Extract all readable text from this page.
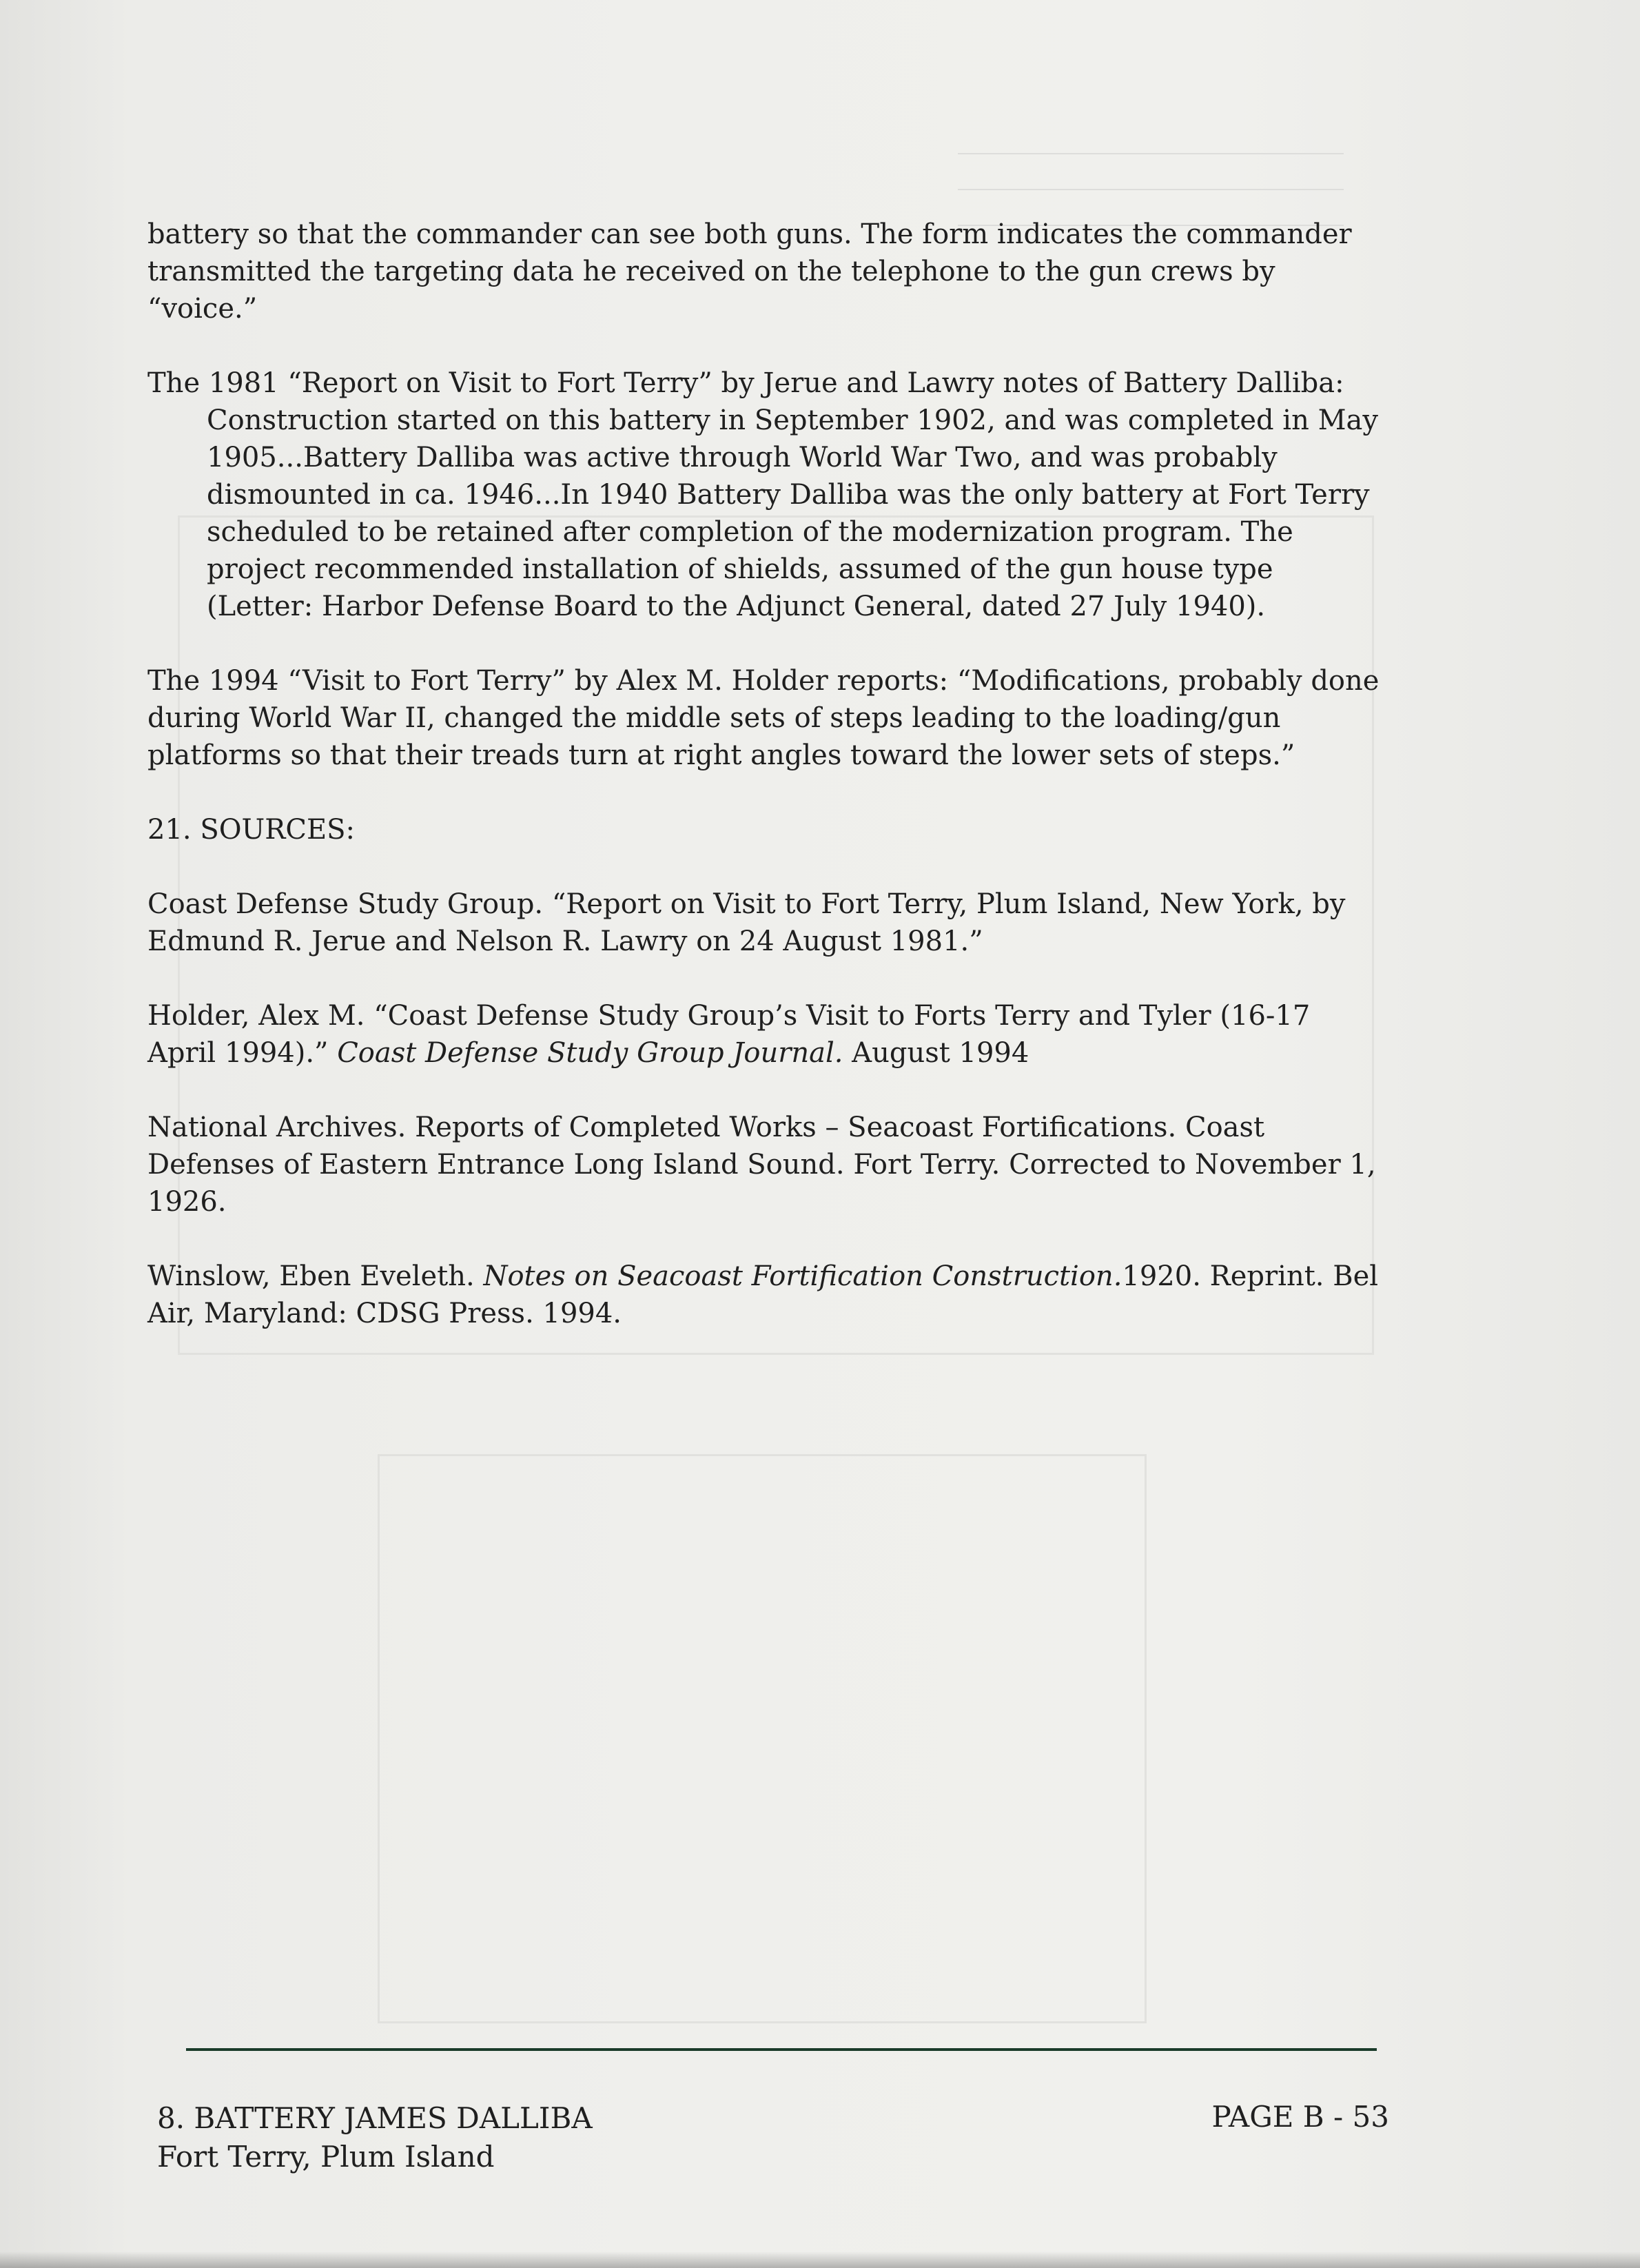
battery so that the commander can see both guns. The form indicates the commander transmitted the targeting data he received on the telephone to the gun crews by “voice.”

The 1981 “Report on Visit to Fort Terry” by Jerue and Lawry notes of Battery Dalliba:

Construction started on this battery in September 1902, and was completed in May 1905...Battery Dalliba was active through World War Two, and was probably dismounted in ca. 1946...In 1940 Battery Dalliba was the only battery at Fort Terry scheduled to be retained after completion of the modernization program. The project recommended installation of shields, assumed of the gun house type (Letter: Harbor Defense Board to the Adjunct General, dated 27 July 1940).

The 1994 “Visit to Fort Terry” by Alex M. Holder reports: “Modifications, probably done during World War II, changed the middle sets of steps leading to the loading/gun platforms so that their treads turn at right angles toward the lower sets of steps.”

21. SOURCES:

Coast Defense Study Group. “Report on Visit to Fort Terry, Plum Island, New York, by Edmund R. Jerue and Nelson R. Lawry on 24 August 1981.”

Holder, Alex M. “Coast Defense Study Group’s Visit to Forts Terry and Tyler (16-17 April 1994).” Coast Defense Study Group Journal. August 1994

National Archives. Reports of Completed Works – Seacoast Fortifications. Coast Defenses of Eastern Entrance Long Island Sound. Fort Terry. Corrected to November 1, 1926.

Winslow, Eben Eveleth. Notes on Seacoast Fortification Construction.1920. Reprint. Bel Air, Maryland: CDSG Press. 1994.

8. BATTERY JAMES DALLIBA
Fort Terry, Plum Island
PAGE B - 53
